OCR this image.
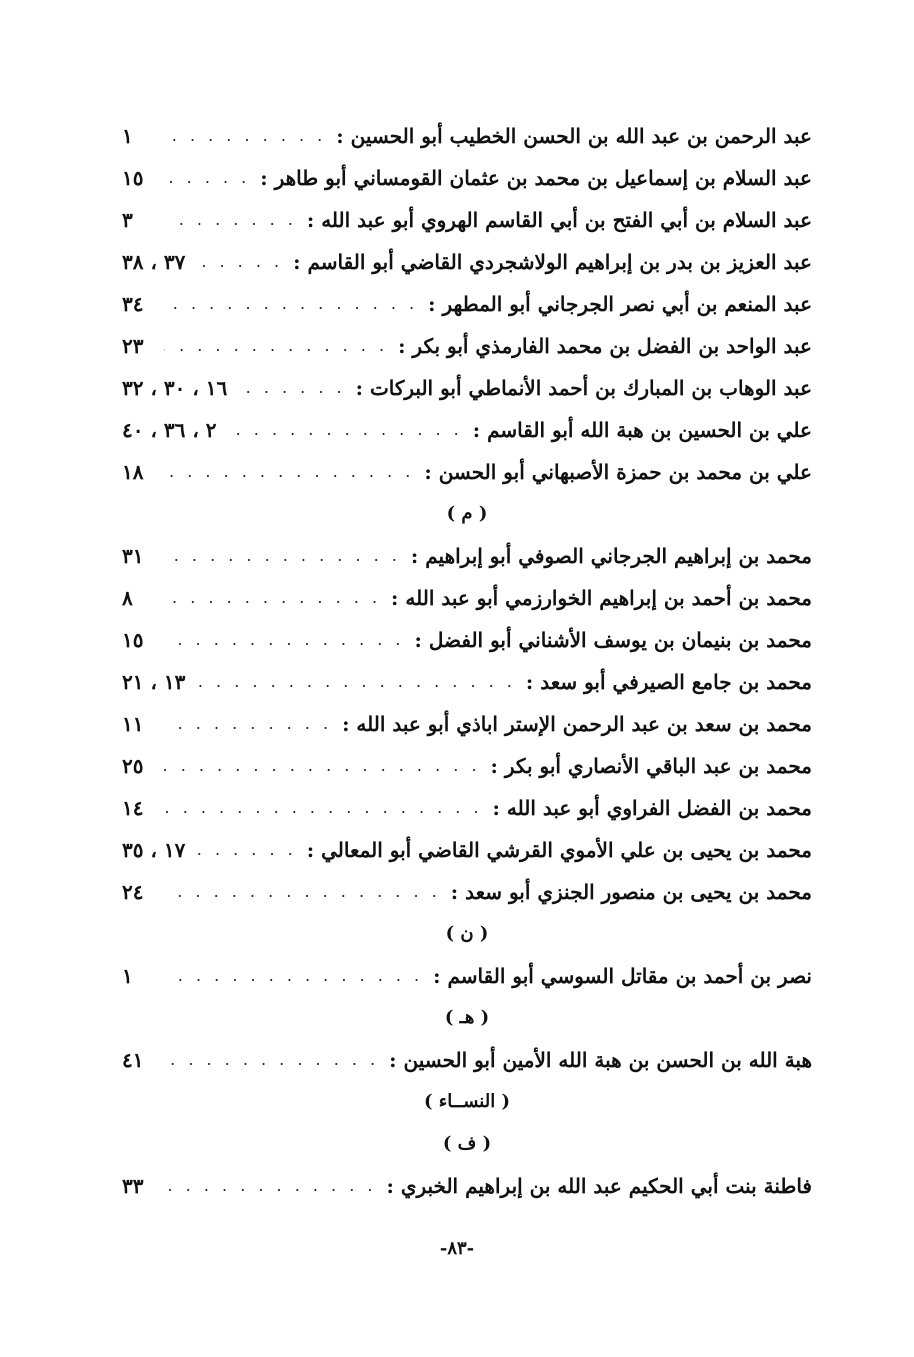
عبد الرحمن بن عبد الله بن الحسن الخطيب أبو الحسين :
. . .
١
عبد السلام بن إسماعيل بن محمد بن عثمان القومساني أبو طاهر :
. . .
١٥
عبد السلام بن أبي الفتح بن أبي القاسم الهروي أبو عبد الله :
. . .
٣
عبد العزيز بن بدر بن إبراهيم الولاشجردي القاضي أبو القاسم :
. . .
٣٧ ، ٣٨
عبد المنعم بن أبي نصر الجرجاني أبو المطهر :
. . .
٣٤
عبد الواحد بن الفضل بن محمد الفارمذي أبو بكر :
. . .
٢٣
عبد الوهاب بن المبارك بن أحمد الأنماطي أبو البركات :
. . .
١٦ ، ٣٠ ، ٣٢
علي بن الحسين بن هبة الله أبو القاسم :
. . .
٢ ، ٣٦ ، ٤٠
علي بن محمد بن حمزة الأصبهاني أبو الحسن :
. . .
١٨
( م )
محمد بن إبراهيم الجرجاني الصوفي أبو إبراهيم :
. . .
٣١
محمد بن أحمد بن إبراهيم الخوارزمي أبو عبد الله :
. . .
٨
محمد بن بنيمان بن يوسف الأشناني أبو الفضل :
. . .
١٥
محمد بن جامع الصيرفي أبو سعد :
. . .
١٣ ، ٢١
محمد بن سعد بن عبد الرحمن الإستر اباذي أبو عبد الله :
. . .
١١
محمد بن عبد الباقي الأنصاري أبو بكر :
. . .
٢٥
محمد بن الفضل الفراوي أبو عبد الله :
. . .
١٤
محمد بن يحيى بن علي الأموي القرشي القاضي أبو المعالي :
. . .
١٧ ، ٣٥
محمد بن يحيى بن منصور الجنزي أبو سعد :
. . .
٢٤
( ن )
نصر بن أحمد بن مقاتل السوسي أبو القاسم :
. . .
١
( هـ )
هبة الله بن الحسن بن هبة الله الأمين أبو الحسين :
. . .
٤١
( النســاء )
( ف )
فاطنة بنت أبي الحكيم عبد الله بن إبراهيم الخبري :
. . .
٣٣
-٨٣-
